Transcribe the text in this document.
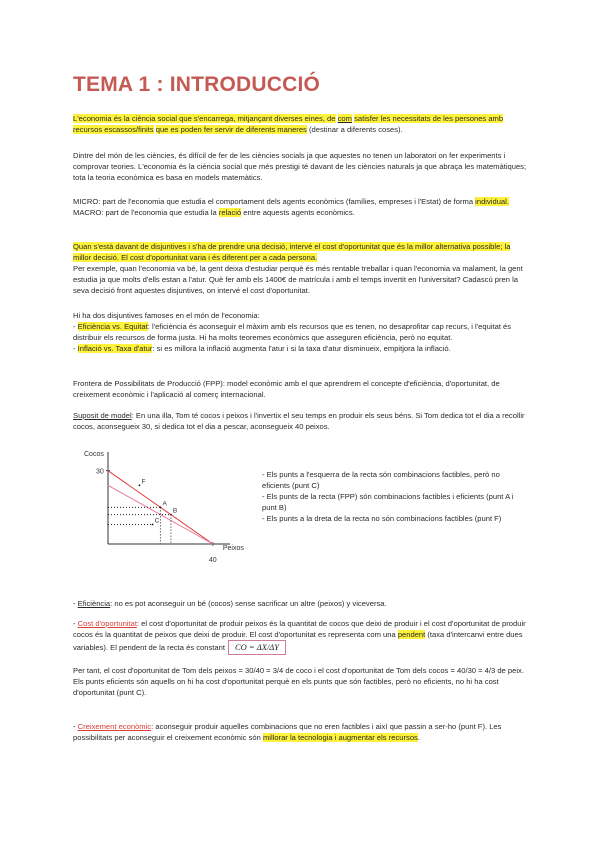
TEMA 1 : INTRODUCCIÓ
L'economia és la ciència social que s'encarrega, mitjançant diverses eines, de com satisfer les necessitats de les persones amb recursos escassos/finits que es poden fer servir de diferents maneres (destinar a diferents coses).
Dintre del món de les ciències, és difícil de fer de les ciències socials ja que aquestes no tenen un laboratori on fer experiments i comprovar teories. L'economia és la ciència social que més prestigi té davant de les ciències naturals ja que abraça les matemàtiques; tota la teoria econòmica es basa en models matemàtics.
MICRO: part de l'economia que estudia el comportament dels agents econòmics (famílies, empreses i l'Estat) de forma individual.
MACRO: part de l'economia que estudia la relació entre aquests agents econòmics.
Quan s'està davant de disjuntives i s'ha de prendre una decisió, intervé el cost d'oportunitat que és la millor alternativa possible; la millor decisió. El cost d'oportunitat varia i és diferent per a cada persona.
Per exemple, quan l'economia va bé, la gent deixa d'estudiar perquè és més rentable treballar i quan l'economia va malament, la gent estudia ja que molts d'ells estan a l'atur. Què fer amb els 1400€ de matrícula i amb el temps invertit en l'universitat? Cadascú pren la seva decisió front aquestes disjuntives, on intervé el cost d'oportunitat.
Hi ha dos disjuntives famoses en el món de l'economia:
- Eficiència vs. Equitat: l'eficiència és aconseguir el màxim amb els recursos que es tenen, no desaprofitar cap recurs, i l'equitat és distribuir els recursos de forma justa. Hi ha molts teoremes econòmics que asseguren eficiència, però no equitat.
- Inflació vs. Taxa d'atur: si es millora la inflació augmenta l'atur i si la taxa d'atur disminueix, empitjora la inflació.
Frontera de Possibilitats de Producció (FPP): model econòmic amb el que aprendrem el concepte d'eficiència, d'oportunitat, de creixement econòmic i l'aplicació al comerç internacional.
Suposit de model: En una illa, Tom té cocos i peixos i l'invertix el seu temps en produir els seus béns. Si Tom dedica tot el dia a recollir cocos, aconsegueix 30, si dedica tot el dia a pescar, aconsegueix 40 peixos.
Cocos
Peixos
30
40
A
B
C
F
- Els punts a l'esquerra de la recta són combinacions factibles, però no eficients (punt C)
- Els punts de la recta (FPP) són combinacions factibles i eficients (punt A i punt B)
- Els punts a la dreta de la recta no són combinacions factibles (punt F)
- Eficiència: no es pot aconseguir un bé (cocos) sense sacrificar un altre (peixos) y viceversa.
- Cost d'oportunitat: el cost d'oportunitat de produir peixos és la quantitat de cocos que deixi de produir i el cost d'oportunitat de produir cocos és la quantitat de peixos que deixi de produir. El cost d'oportunitat es representa com una pendent (taxa d'intercanvi entre dues variables). El pendent de la recta és constant CO = ΔX/ΔY
Per tant, el cost d'oportunitat de Tom dels peixos = 30/40 = 3/4 de coco i el cost d'oportunitat de Tom dels cocos = 40/30 = 4/3 de peix.
Els punts eficients són aquells on hi ha cost d'oportunitat perquè en els punts que són factibles, però no eficients, no hi ha cost d'oportunitat (punt C).
- Creixement econòmic: aconseguir produir aquelles combinacions que no eren factibles i així que passin a ser-ho (punt F). Les possibilitats per aconseguir el creixement econòmic són millorar la tecnologia i augmentar els recursos.
